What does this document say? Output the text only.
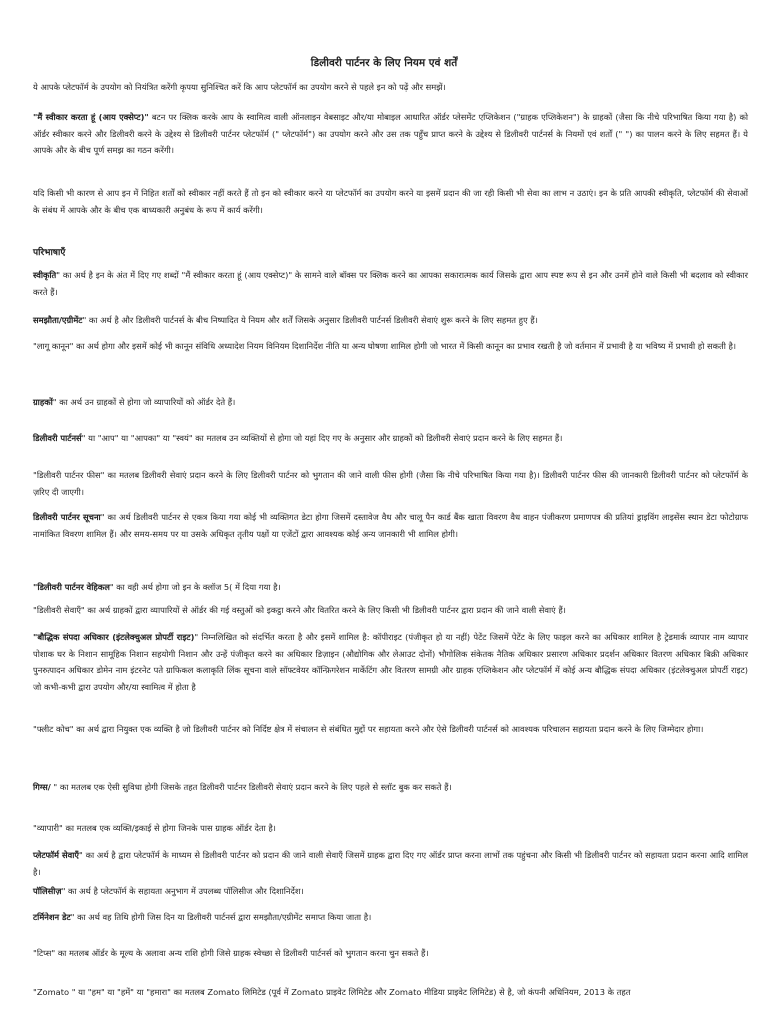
डिलीवरी पार्टनर के लिए नियम एवं शर्तें
ये आपके प्लेटफॉर्म के उपयोग को नियंत्रित करेंगी कृपया सुनिश्चित करें कि आप प्लेटफॉर्म का उपयोग करने से पहले इन को पढ़ें और समझें।
"मैं स्वीकार करता हूं (आय एक्सेप्ट)" बटन पर क्लिक करके आप के स्वामित्व वाली ऑनलाइन वेबसाइट और/या मोबाइल आधारित ऑर्डर प्लेसमेंट एप्लिकेशन ("ग्राहक एप्लिकेशन") के ग्राहकों (जैसा कि नीचे परिभाषित किया गया है) को ऑर्डर स्वीकार करने और डिलीवरी करने के उद्देश्य से डिलीवरी पार्टनर प्लेटफॉर्म (" प्लेटफॉर्म") का उपयोग करने और उस तक पहुँच प्राप्त करने के उद्देश्य से डिलीवरी पार्टनर्स के नियमों एवं शर्तों (" ") का पालन करने के लिए सहमत हैं। ये आपके और के बीच पूर्ण समझ का गठन करेंगी।
यदि किसी भी कारण से आप इन में निहित शर्तों को स्वीकार नहीं करते हैं तो इन को स्वीकार करने या प्लेटफॉर्म का उपयोग करने या इसमें प्रदान की जा रही किसी भी सेवा का लाभ न उठाएं। इन के प्रति आपकी स्वीकृति, प्लेटफॉर्म की सेवाओं के संबंध में आपके और के बीच एक बाध्यकारी अनुबंध के रूप में कार्य करेंगी।
परिभाषाएँ
स्वीकृति" का अर्थ है इन के अंत में दिए गए शब्दों "मैं स्वीकार करता हूं (आय एक्सेप्ट)" के सामने वाले बॉक्स पर क्लिक करने का आपका सकारात्मक कार्य जिसके द्वारा आप स्पष्ट रूप से इन और उनमें होने वाले किसी भी बदलाव को स्वीकार करते हैं।
समझौता/एग्रीमेंट" का अर्थ है और डिलीवरी पार्टनर्स के बीच निष्पादित ये नियम और शर्तें जिसके अनुसार डिलीवरी पार्टनर्स डिलीवरी सेवाएं शुरू करने के लिए सहमत हुए हैं।
"लागू कानून" का अर्थ होगा और इसमें कोई भी कानून संविधि अध्यादेश नियम विनियम दिशानिर्देश नीति या अन्य घोषणा शामिल होगी जो भारत में किसी कानून का प्रभाव रखती है जो वर्तमान में प्रभावी है या भविष्य में प्रभावी हो सकती है।
ग्राहकों" का अर्थ उन ग्राहकों से होगा जो व्यापारियों को ऑर्डर देते हैं।
डिलीवरी पार्टनर्स" या "आप" या "आपका" या "स्वयं" का मतलब उन व्यक्तियों से होगा जो यहां दिए गए के अनुसार और ग्राहकों को डिलीवरी सेवाएं प्रदान करने के लिए सहमत हैं।
"डिलीवरी पार्टनर फीस" का मतलब डिलीवरी सेवाएं प्रदान करने के लिए डिलीवरी पार्टनर को भुगतान की जाने वाली फीस होगी (जैसा कि नीचे परिभाषित किया गया है)। डिलीवरी पार्टनर फीस की जानकारी डिलीवरी पार्टनर को प्लेटफॉर्म के ज़रिए दी जाएगी।
डिलीवरी पार्टनर सूचना" का अर्थ डिलीवरी पार्टनर से एकत्र किया गया कोई भी व्यक्तिगत डेटा होगा जिसमें दस्तावेज वैध और चालू पैन कार्ड बैंक खाता विवरण वैध वाहन पंजीकरण प्रमाणपत्र की प्रतियां ड्राइविंग लाइसेंस स्थान डेटा फोटोग्राफ नामांकित विवरण शामिल हैं। और समय-समय पर या उसके अधिकृत तृतीय पक्षों या एजेंटों द्वारा आवश्यक कोई अन्य जानकारी भी शामिल होगी।
"डिलीवरी पार्टनर वेहिकल" का वही अर्थ होगा जो इन के क्लॉज 5( में दिया गया है।
"डिलीवरी सेवाएँ" का अर्थ ग्राहकों द्वारा व्यापारियों से ऑर्डर की गई वस्तुओं को इकट्ठा करने और वितरित करने के लिए किसी भी डिलीवरी पार्टनर द्वारा प्रदान की जाने वाली सेवाएं हैं।
"बौद्धिक संपदा अधिकार (इंटलेक्चुअल प्रोपर्टी राइट)" निम्नलिखित को संदर्भित करता है और इसमें शामिल है: कॉपीराइट (पंजीकृत हो या नहीं) पेटेंट जिसमें पेटेंट के लिए फाइल करने का अधिकार शामिल है ट्रेडमार्क व्यापार नाम व्यापार पोशाक घर के निशान सामूहिक निशान सहयोगी निशान और उन्हें पंजीकृत करने का अधिकार डिज़ाइन (औद्योगिक और लेआउट दोनों) भौगोलिक संकेतक नैतिक अधिकार प्रसारण अधिकार प्रदर्शन अधिकार वितरण अधिकार बिक्री अधिकार पुनरुत्पादन अधिकार डोमेन नाम इंटरनेट पते ग्राफिकल कलाकृति लिंक सूचना वाले सॉफ्टवेयर कॉन्फ़िगरेशन मार्केटिंग और वितरण सामग्री और ग्राहक एप्लिकेशन और प्लेटफॉर्म में कोई अन्य बौद्धिक संपदा अधिकार (इंटलेक्चुअल प्रोपर्टी राइट) जो कभी-कभी द्वारा उपयोग और/या स्वामित्व में होता है
"फ्लीट कोच" का अर्थ द्वारा नियुक्त एक व्यक्ति है जो डिलीवरी पार्टनर को निर्दिष्ट क्षेत्र में संचालन से संबंधित मुद्दों पर सहायता करने और ऐसे डिलीवरी पार्टनर्स को आवश्यक परिचालन सहायता प्रदान करने के लिए जिम्मेदार होगा।
गिग्स/ " का मतलब एक ऐसी सुविधा होगी जिसके तहत डिलीवरी पार्टनर डिलीवरी सेवाएं प्रदान करने के लिए पहले से स्लॉट बुक कर सकते हैं।
"व्यापारी" का मतलब एक व्यक्ति/इकाई से होगा जिनके पास ग्राहक ऑर्डर देता है।
प्लेटफॉर्म सेवाएँ" का अर्थ है द्वारा प्लेटफॉर्म के माध्यम से डिलीवरी पार्टनर को प्रदान की जाने वाली सेवाएँ जिसमें ग्राहक द्वारा दिए गए ऑर्डर प्राप्त करना लाभों तक पहुंचना और किसी भी डिलीवरी पार्टनर को सहायता प्रदान करना आदि शामिल है।
पॉलिसीज़" का अर्थ है प्लेटफॉर्म के सहायता अनुभाग में उपलब्ध पॉलिसीज और दिशानिर्देश।
टर्मिनेशन डेट" का अर्थ वह तिथि होगी जिस दिन या डिलीवरी पार्टनर्स द्वारा समझौता/एग्रीमेंट समाप्त किया जाता है।
"टिप्स" का मतलब ऑर्डर के मूल्य के अलावा अन्य राशि होगी जिसे ग्राहक स्वेच्छा से डिलीवरी पार्टनर्स को भुगतान करना चुन सकते हैं।
"Zomato " या "हम" या "हमें" या "हमारा" का मतलब Zomato लिमिटेड (पूर्व में Zomato प्राइवेट लिमिटेड और Zomato मीडिया प्राइवेट लिमिटेड) से है, जो कंपनी अधिनियम, 2013 के तहत
